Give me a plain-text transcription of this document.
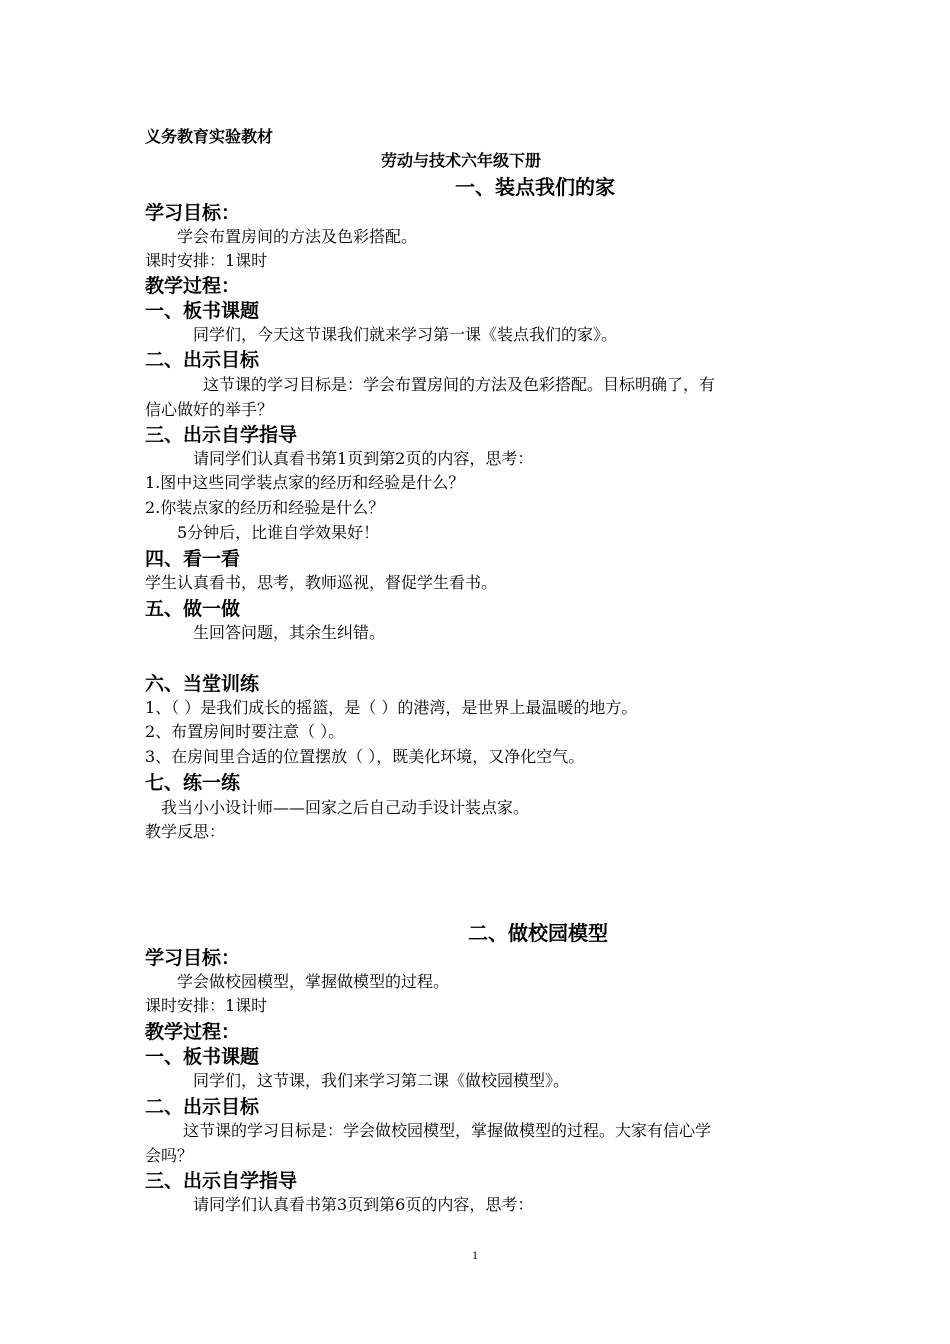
义务教育实验教材
劳动与技术六年级下册
一、装点我们的家
学习目标：
学会布置房间的方法及色彩搭配。
课时安排：1课时
教学过程：
一、板书课题
同学们，今天这节课我们就来学习第一课《装点我们的家》。
二、出示目标
这节课的学习目标是：学会布置房间的方法及色彩搭配。目标明确了，有
信心做好的举手？
三、出示自学指导
请同学们认真看书第1页到第2页的内容，思考：
1.图中这些同学装点家的经历和经验是什么？
2.你装点家的经历和经验是什么？
5分钟后，比谁自学效果好！
四、看一看
学生认真看书，思考，教师巡视，督促学生看书。
五、做一做
生回答问题，其余生纠错。
六、当堂训练
1、（ ）是我们成长的摇篮，是（ ）的港湾，是世界上最温暖的地方。
2、布置房间时要注意（ ）。
3、在房间里合适的位置摆放（ ），既美化环境，又净化空气。
七、练一练
我当小小设计师——回家之后自己动手设计装点家。
教学反思：
二、做校园模型
学习目标：
学会做校园模型，掌握做模型的过程。
课时安排：1课时
教学过程：
一、板书课题
同学们，这节课，我们来学习第二课《做校园模型》。
二、出示目标
这节课的学习目标是：学会做校园模型，掌握做模型的过程。大家有信心学
会吗？
三、出示自学指导
请同学们认真看书第3页到第6页的内容，思考：
1
